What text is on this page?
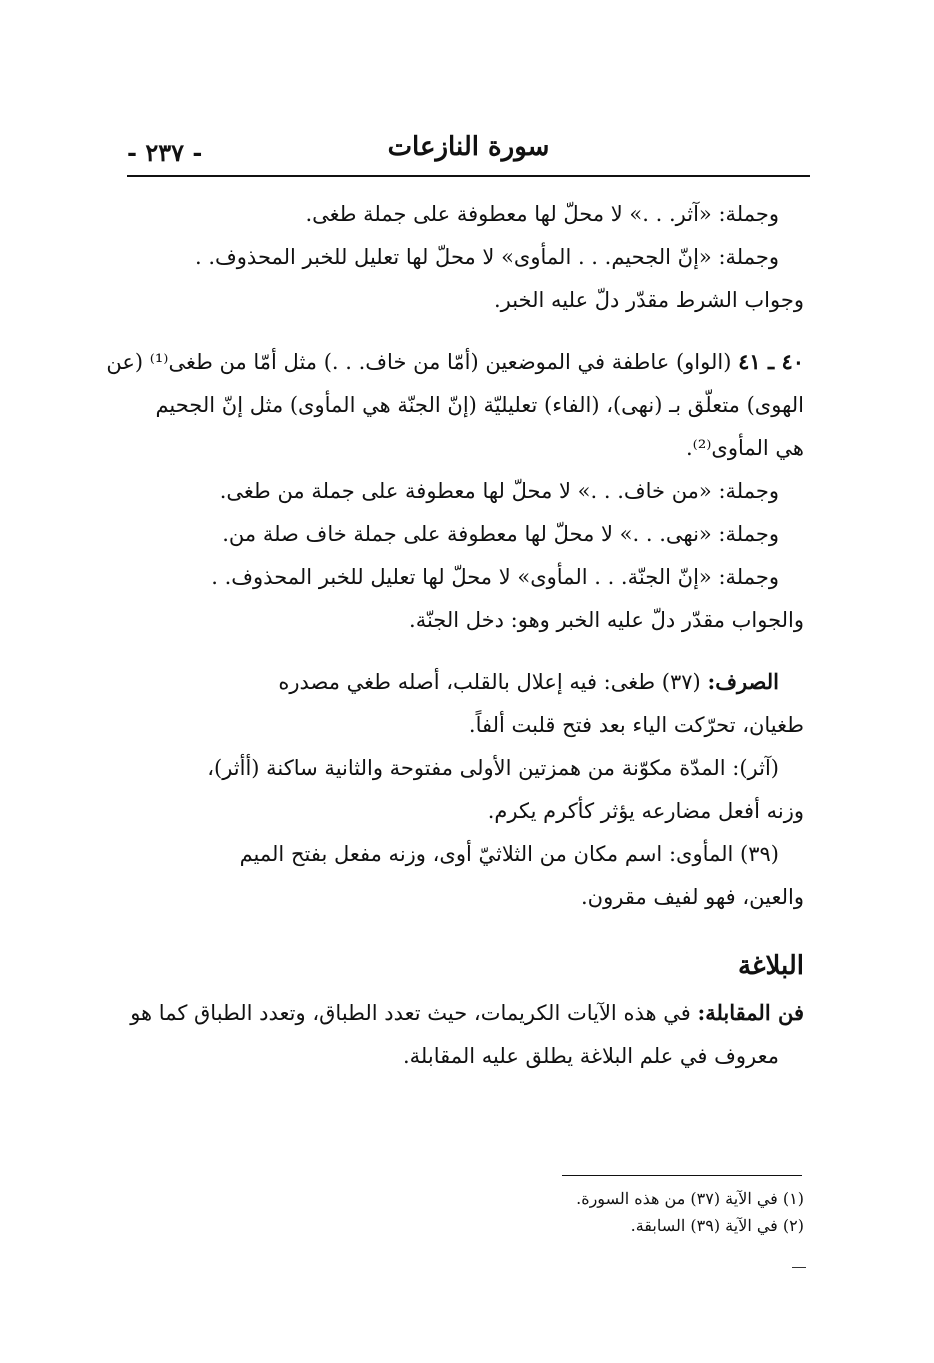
سورة النازعات
- ٢٣٧ -
وجملة: «آثر. . .» لا محلّ لها معطوفة على جملة طغى.
وجملة: «إنّ الجحيم. . . المأوى» لا محلّ لها تعليل للخبر المحذوف. .
وجواب الشرط مقدّر دلّ عليه الخبر.
٤٠ ـ ٤١ (الواو) عاطفة في الموضعين (أمّا من خاف. . .) مثل أمّا من طغى⁽¹⁾ (عن
الهوى) متعلّق بـ (نهى)، (الفاء) تعليليّة (إنّ الجنّة هي المأوى) مثل إنّ الجحيم
هي المأوى⁽²⁾.
وجملة: «من خاف. . .» لا محلّ لها معطوفة على جملة من طغى.
وجملة: «نهى. . .» لا محلّ لها معطوفة على جملة خاف صلة من.
وجملة: «إنّ الجنّة. . . المأوى» لا محلّ لها تعليل للخبر المحذوف. .
والجواب مقدّر دلّ عليه الخبر وهو: دخل الجنّة.
الصرف: (٣٧) طغى: فيه إعلال بالقلب، أصله طغي مصدره
طغيان، تحرّكت الياء بعد فتح قلبت ألفاً.
(آثر): المدّة مكوّنة من همزتين الأولى مفتوحة والثانية ساكنة (أأثر)،
وزنه أفعل مضارعه يؤثر كأكرم يكرم.
(٣٩) المأوى: اسم مكان من الثلاثيّ أوى، وزنه مفعل بفتح الميم
والعين، فهو لفيف مقرون.
البلاغة
فن المقابلة: في هذه الآيات الكريمات، حيث تعدد الطباق، وتعدد الطباق كما هو
معروف في علم البلاغة يطلق عليه المقابلة.
(١) في الآية (٣٧) من هذه السورة.
(٢) في الآية (٣٩) السابقة.
